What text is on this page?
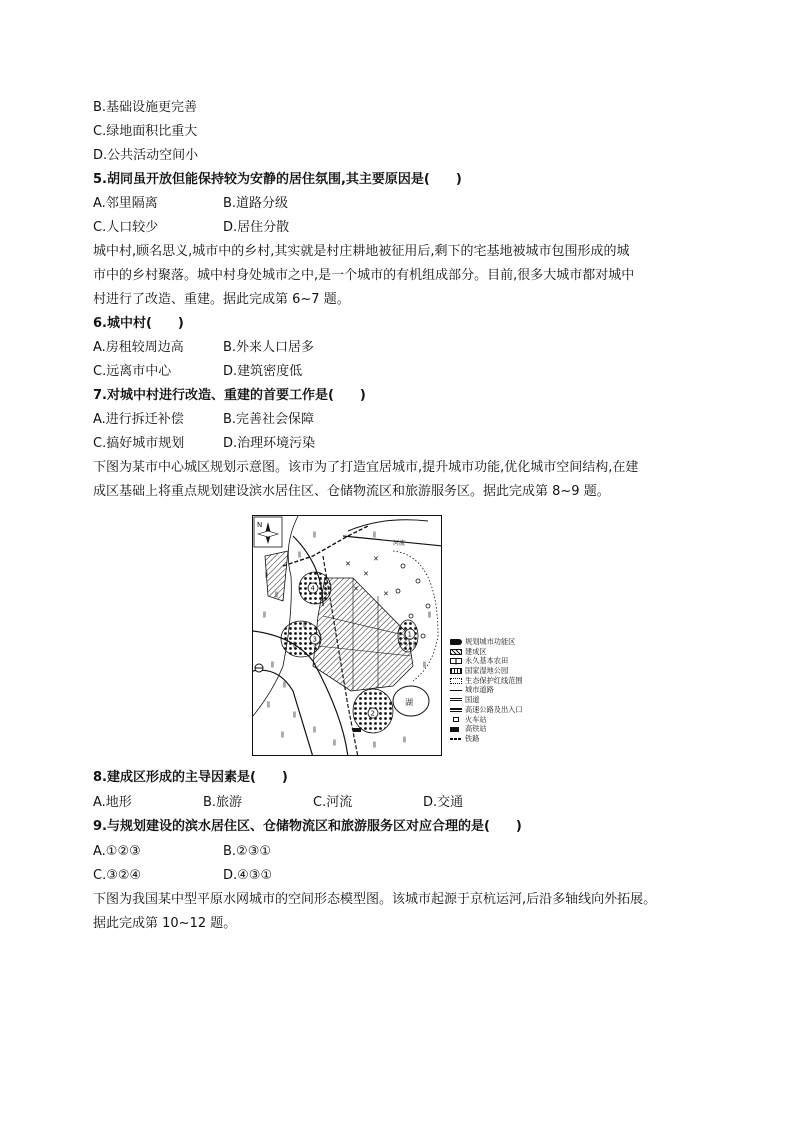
B.基础设施更完善
C.绿地面积比重大
D.公共活动空间小
5.胡同虽开放但能保持较为安静的居住氛围,其主要原因是(　　)
A.邻里隔离	B.道路分级
C.人口较少	D.居住分散
城中村,顾名思义,城市中的乡村,其实就是村庄耕地被征用后,剩下的宅基地被城市包围形成的城
市中的乡村聚落。城中村身处城市之中,是一个城市的有机组成部分。目前,很多大城市都对城中
村进行了改造、重建。据此完成第 6~7 题。
6.城中村(　　)
A.房租较周边高	B.外来人口居多
C.远离市中心	D.建筑密度低
7.对城中村进行改造、重建的首要工作是(　　)
A.进行拆迁补偿	B.完善社会保障
C.搞好城市规划	D.治理环境污染
下图为某市中心城区规划示意图。该市为了打造宜居城市,提升城市功能,优化城市空间结构,在建
成区基础上将重点规划建设滨水居住区、仓储物流区和旅游服务区。据此完成第 8~9 题。
ǁ
ǁ
ǁ
ǁ
ǁ
ǁ
ǁ
ǁ	ǁ
ǁ
ǁ
ǁ
ǁ
ǁ	ǁ
✕
✕
✕
✕
河流
湖
4
2
3
1
N
规划城市功能区
建成区
ǁ	永久基本农田
国家湿地公园
生态保护红线范围
城市道路
国道
高速公路及出入口
火车站
高铁站
铁路
8.建成区形成的主导因素是(　　)
A.地形	B.旅游	C.河流	D.交通
9.与规划建设的滨水居住区、仓储物流区和旅游服务区对应合理的是(　　)
A.①②③	B.②③①
C.③②④	D.④③①
下图为我国某中型平原水网城市的空间形态模型图。该城市起源于京杭运河,后沿多轴线向外拓展。
据此完成第 10~12 题。
